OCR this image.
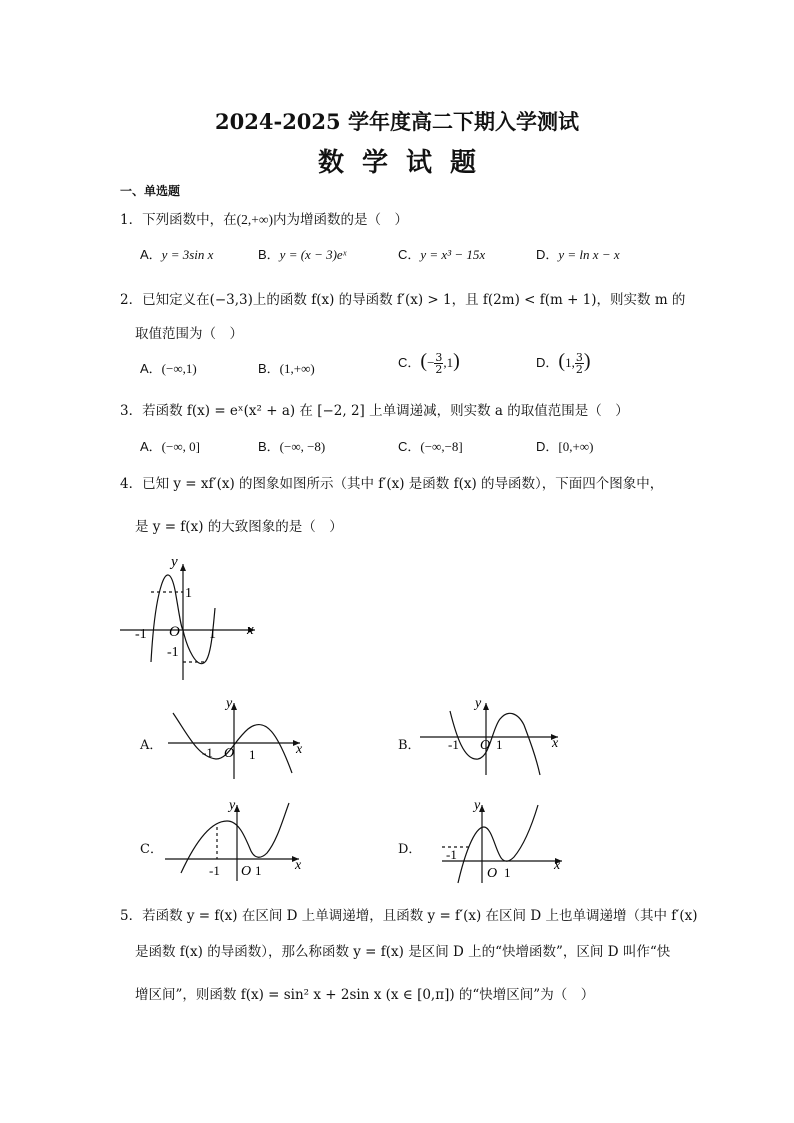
2024-2025 学年度高二下期入学测试
数学试题
一、单选题
1．下列函数中，在(2,+∞)内为增函数的是（　）
A．y = 3sin x	B．y = (x − 3)eˣ	C．y = x³ − 15x	D．y = ln x − x
2．已知定义在(−3,3)上的函数 f(x) 的导函数 f′(x) > 1，且 f(2m) < f(m + 1)，则实数 m 的
取值范围为（　）
A．(−∞,1)	B．(1,+∞)	C．(− $\frac{3}{2} ,1$)	D．(1, $\frac{3}{2}$ )
3．若函数 f(x) = eˣ(x² + a) 在 [−2, 2] 上单调递减，则实数 a 的取值范围是（　）
A．(−∞, 0]	B．(−∞, −8)	C．(−∞,−8]	D．[0,+∞)
4．已知 y = xf′(x) 的图象如图所示（其中 f′(x) 是函数 f(x) 的导函数），下面四个图象中，
是 y = f(x) 的大致图象的是（　）
y
x
O 1
-1
1
-1
A．
y
x
O 1
-1	B．
y
x
O 1
-1
C．
y
x
O 1
-1
D．
y
x
O 1
-1
5．若函数 y = f(x) 在区间 D 上单调递增，且函数 y = f′(x) 在区间 D 上也单调递增（其中 f′(x)
是函数 f(x) 的导函数），那么称函数 y = f(x) 是区间 D 上的“快增函数”，区间 D 叫作“快
增区间”，则函数 f(x) = sin² x + 2sin x (x ∈ [0,π]) 的“快增区间”为（　）
